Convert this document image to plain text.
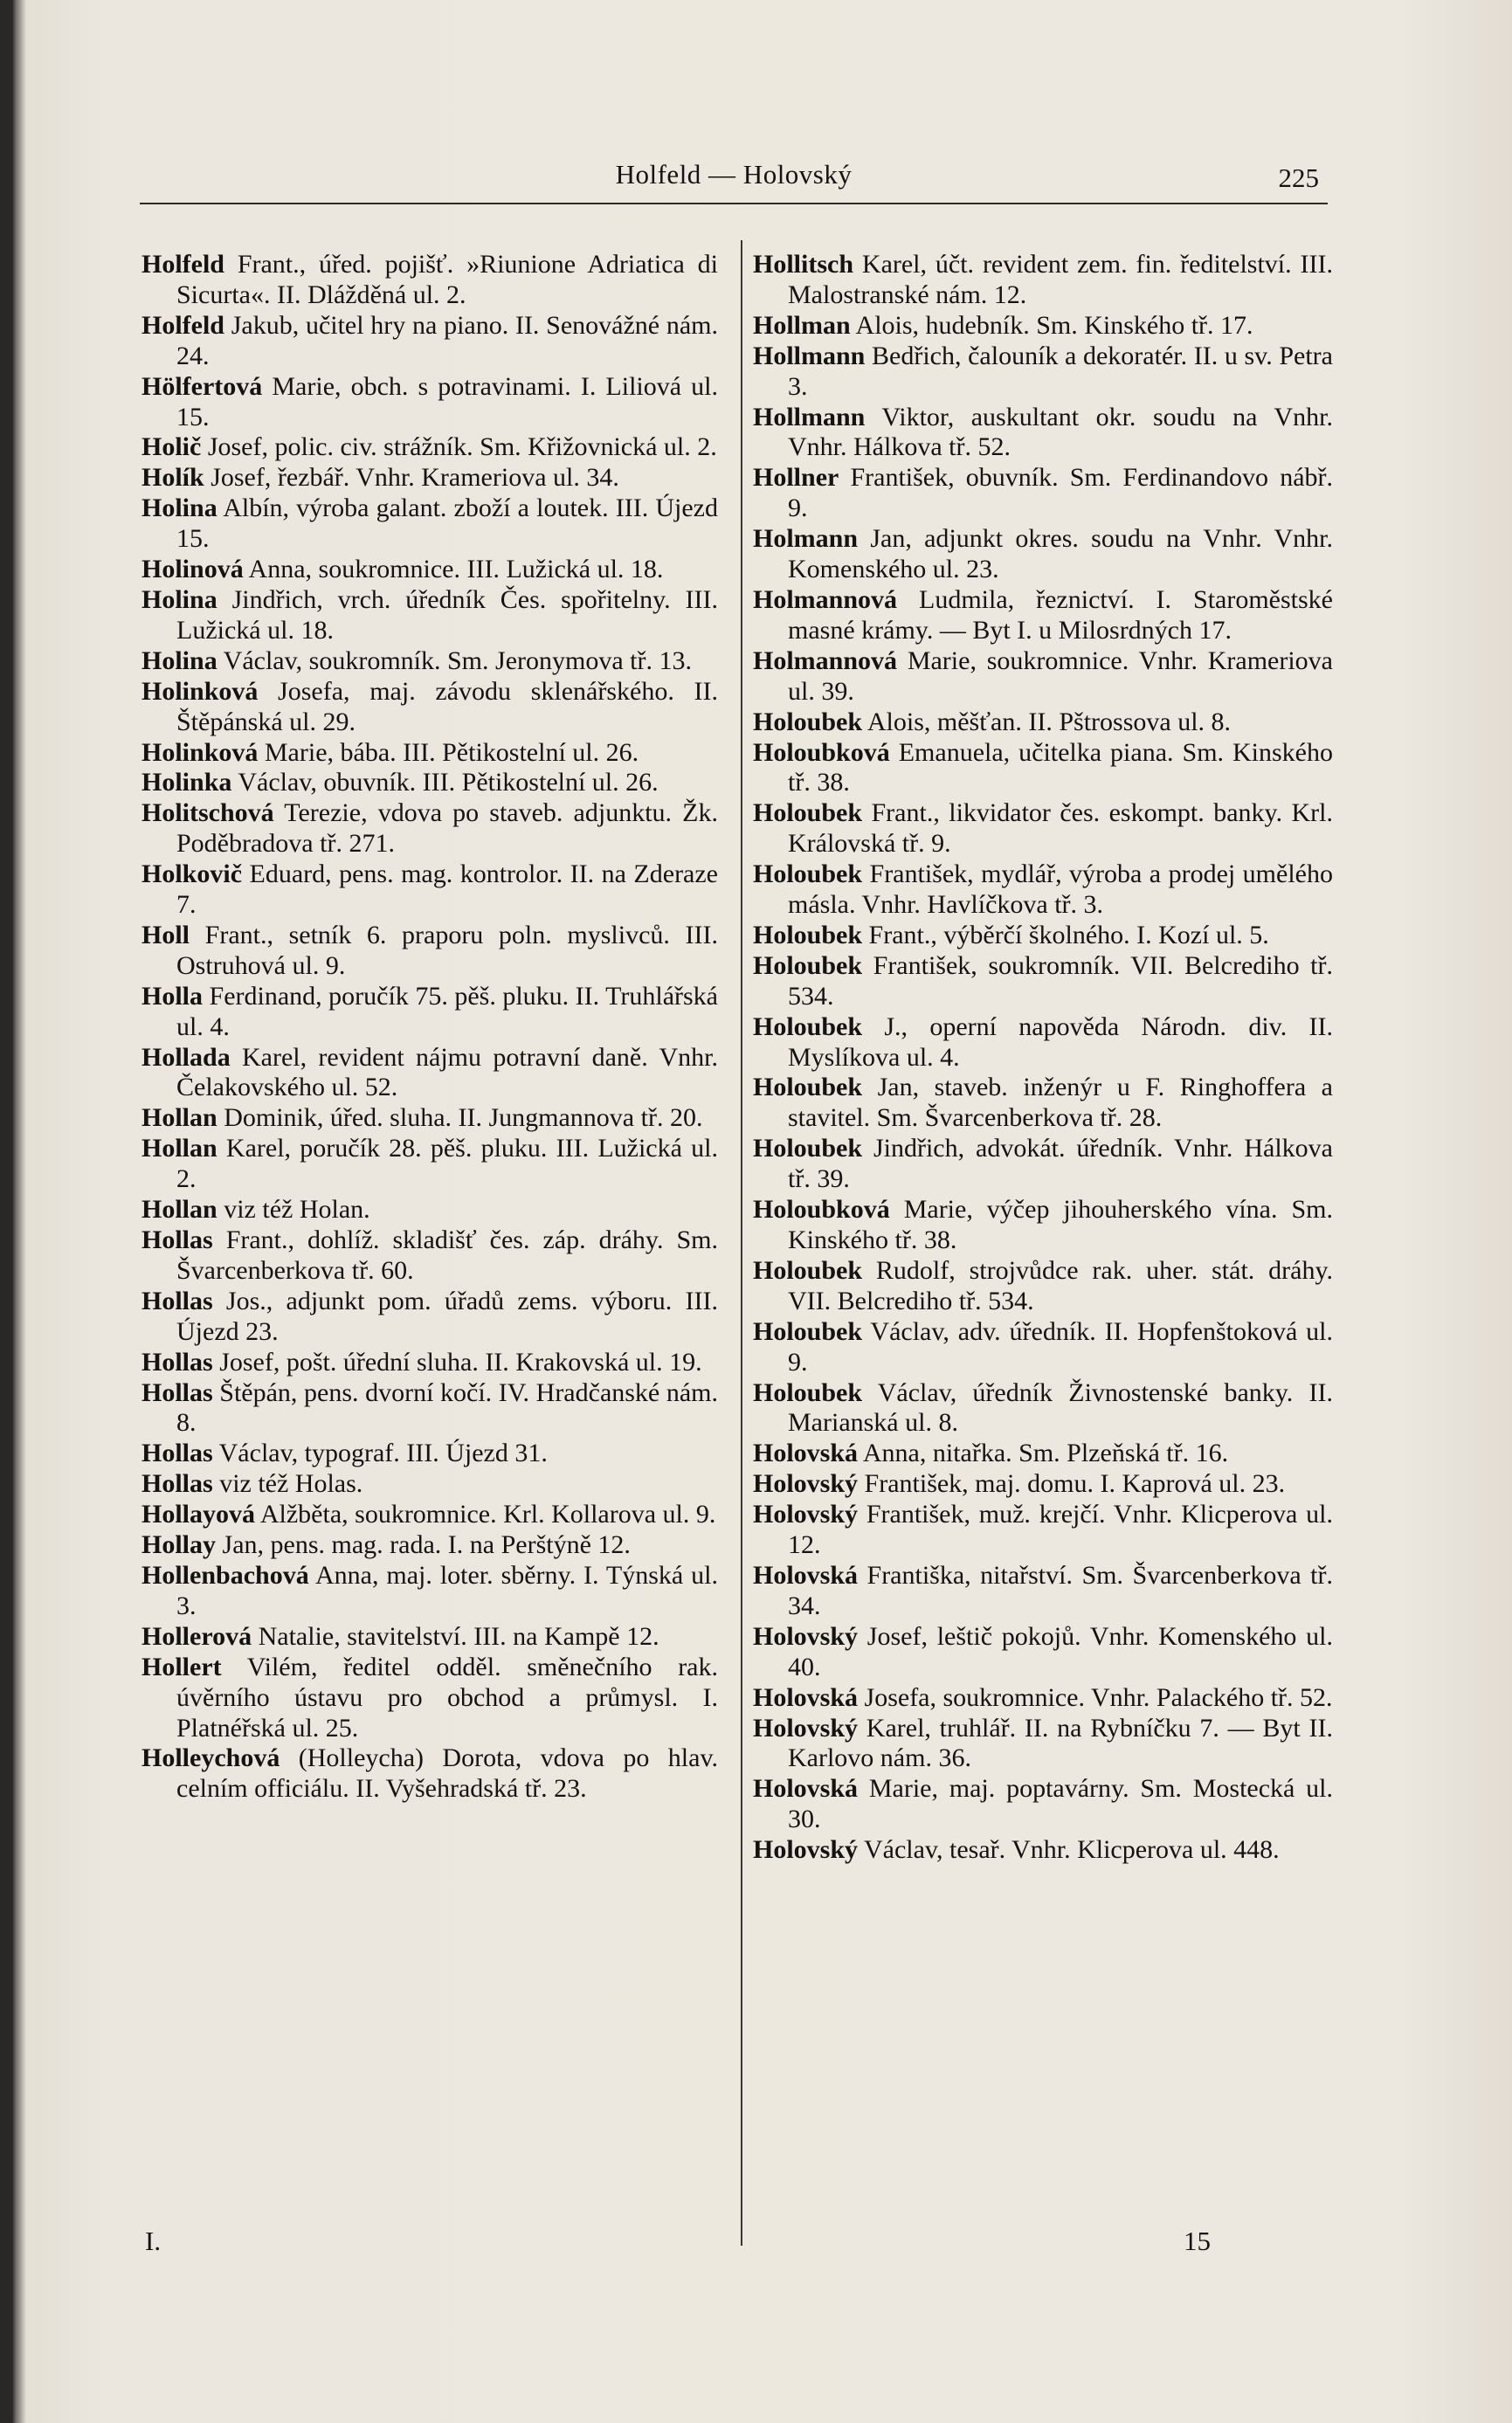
Holfeld — Holovský	225

Holfeld Frant., úřed. pojišť. »Riunione Adriatica di Sicurta«. II. Dlážděná ul. 2.

Holfeld Jakub, učitel hry na piano. II. Senovážné nám. 24.

Hölfertová Marie, obch. s potravinami. I. Liliová ul. 15.

Holič Josef, polic. civ. strážník. Sm. Křižovnická ul. 2.

Holík Josef, řezbář. Vnhr. Krameriova ul. 34.

Holina Albín, výroba galant. zboží a loutek. III. Újezd 15.

Holinová Anna, soukromnice. III. Lužická ul. 18.

Holina Jindřich, vrch. úředník Čes. spořitelny. III. Lužická ul. 18.

Holina Václav, soukromník. Sm. Jeronymova tř. 13.

Holinková Josefa, maj. závodu sklenářského. II. Štěpánská ul. 29.

Holinková Marie, bába. III. Pětikostelní ul. 26.

Holinka Václav, obuvník. III. Pětikostelní ul. 26.

Holitschová Terezie, vdova po staveb. adjunktu. Žk. Poděbradova tř. 271.

Holkovič Eduard, pens. mag. kontrolor. II. na Zderaze 7.

Holl Frant., setník 6. praporu poln. myslivců. III. Ostruhová ul. 9.

Holla Ferdinand, poručík 75. pěš. pluku. II. Truhlářská ul. 4.

Hollada Karel, revident nájmu potravní daně. Vnhr. Čelakovského ul. 52.

Hollan Dominik, úřed. sluha. II. Jungmannova tř. 20.

Hollan Karel, poručík 28. pěš. pluku. III. Lužická ul. 2.

Hollan viz též Holan.

Hollas Frant., dohlíž. skladišť čes. záp. dráhy. Sm. Švarcenberkova tř. 60.

Hollas Jos., adjunkt pom. úřadů zems. výboru. III. Újezd 23.

Hollas Josef, pošt. úřední sluha. II. Krakovská ul. 19.

Hollas Štěpán, pens. dvorní kočí. IV. Hradčanské nám. 8.

Hollas Václav, typograf. III. Újezd 31.

Hollas viz též Holas.

Hollayová Alžběta, soukromnice. Krl. Kollarova ul. 9.

Hollay Jan, pens. mag. rada. I. na Perštýně 12.

Hollenbachová Anna, maj. loter. sběrny. I. Týnská ul. 3.

Hollerová Natalie, stavitelství. III. na Kampě 12.

Hollert Vilém, ředitel odděl. směnečního rak. úvěrního ústavu pro obchod a průmysl. I. Platnéřská ul. 25.

Holleychová (Holleycha) Dorota, vdova po hlav. celním officiálu. II. Vyšehradská tř. 23.

Hollitsch Karel, účt. revident zem. fin. ředitelství. III. Malostranské nám. 12.

Hollman Alois, hudebník. Sm. Kinského tř. 17.

Hollmann Bedřich, čalouník a dekoratér. II. u sv. Petra 3.

Hollmann Viktor, auskultant okr. soudu na Vnhr. Vnhr. Hálkova tř. 52.

Hollner František, obuvník. Sm. Ferdinandovo nábř. 9.

Holmann Jan, adjunkt okres. soudu na Vnhr. Vnhr. Komenského ul. 23.

Holmannová Ludmila, řeznictví. I. Staroměstské masné krámy. — Byt I. u Milosrdných 17.

Holmannová Marie, soukromnice. Vnhr. Krameriova ul. 39.

Holoubek Alois, měšťan. II. Pštrossova ul. 8.

Holoubková Emanuela, učitelka piana. Sm. Kinského tř. 38.

Holoubek Frant., likvidator čes. eskompt. banky. Krl. Královská tř. 9.

Holoubek František, mydlář, výroba a prodej umělého másla. Vnhr. Havlíčkova tř. 3.

Holoubek Frant., výběrčí školného. I. Kozí ul. 5.

Holoubek František, soukromník. VII. Belcrediho tř. 534.

Holoubek J., operní napověda Národn. div. II. Myslíkova ul. 4.

Holoubek Jan, staveb. inženýr u F. Ringhoffera a stavitel. Sm. Švarcenberkova tř. 28.

Holoubek Jindřich, advokát. úředník. Vnhr. Hálkova tř. 39.

Holoubková Marie, výčep jihouherského vína. Sm. Kinského tř. 38.

Holoubek Rudolf, strojvůdce rak. uher. stát. dráhy. VII. Belcrediho tř. 534.

Holoubek Václav, adv. úředník. II. Hopfenštoková ul. 9.

Holoubek Václav, úředník Živnostenské banky. II. Marianská ul. 8.

Holovská Anna, nitařka. Sm. Plzeňská tř. 16.

Holovský František, maj. domu. I. Kaprová ul. 23.

Holovský František, muž. krejčí. Vnhr. Klicperova ul. 12.

Holovská Františka, nitařství. Sm. Švarcenberkova tř. 34.

Holovský Josef, leštič pokojů. Vnhr. Komenského ul. 40.

Holovská Josefa, soukromnice. Vnhr. Palackého tř. 52.

Holovský Karel, truhlář. II. na Rybníčku 7. — Byt II. Karlovo nám. 36.

Holovská Marie, maj. poptavárny. Sm. Mostecká ul. 30.

Holovský Václav, tesař. Vnhr. Klicperova ul. 448.

I.	15
